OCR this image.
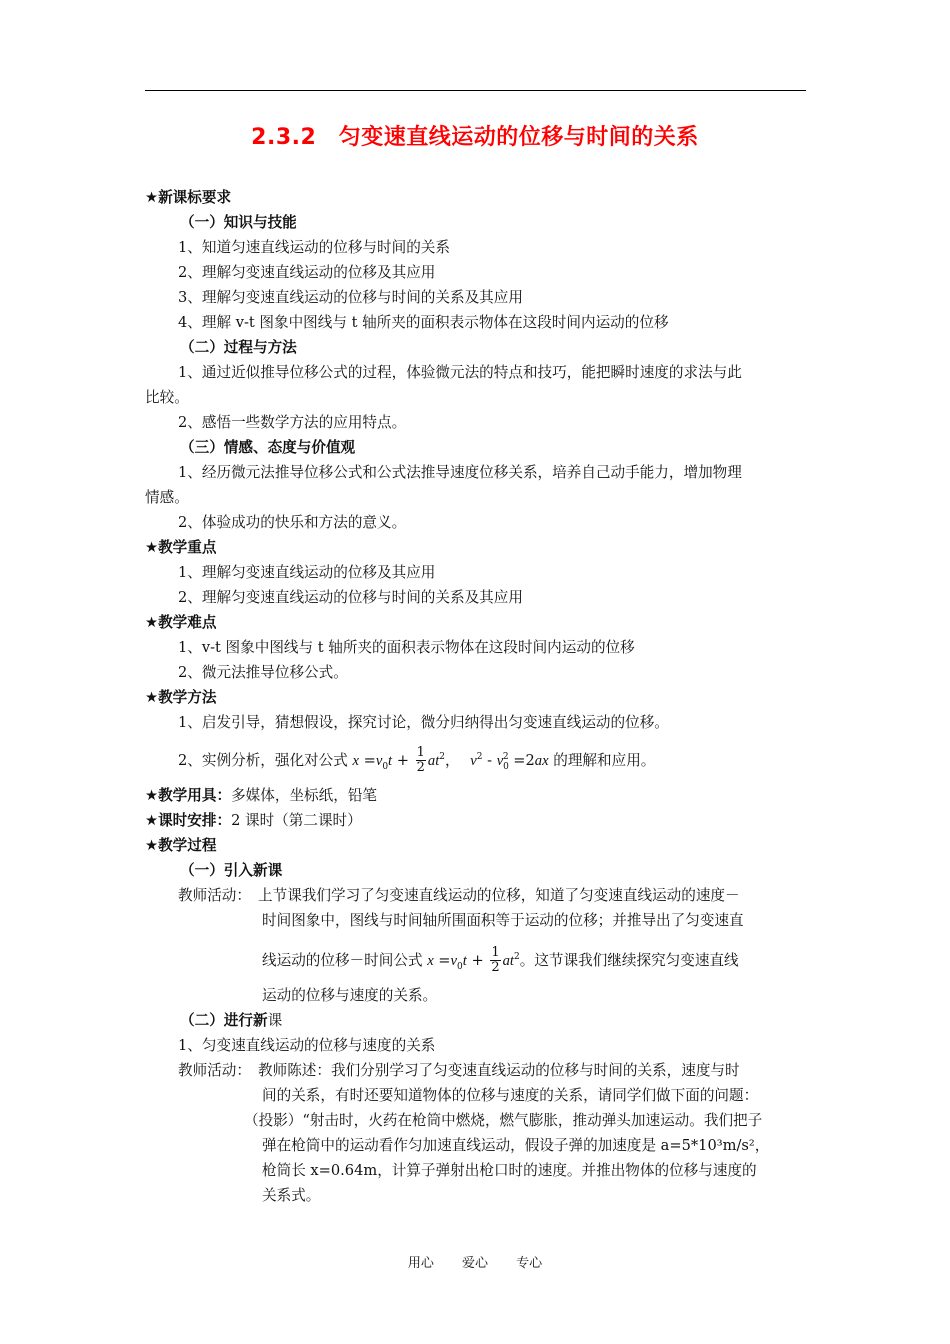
2.3.2　匀变速直线运动的位移与时间的关系
★新课标要求
（一）知识与技能
1、知道匀速直线运动的位移与时间的关系
2、理解匀变速直线运动的位移及其应用
3、理解匀变速直线运动的位移与时间的关系及其应用
4、理解 v-t 图象中图线与 t 轴所夹的面积表示物体在这段时间内运动的位移
（二）过程与方法
1、通过近似推导位移公式的过程，体验微元法的特点和技巧，能把瞬时速度的求法与此
比较。
2、感悟一些数学方法的应用特点。
（三）情感、态度与价值观
1、经历微元法推导位移公式和公式法推导速度位移关系，培养自己动手能力，增加物理
情感。
2、体验成功的快乐和方法的意义。
★教学重点
1、理解匀变速直线运动的位移及其应用
2、理解匀变速直线运动的位移与时间的关系及其应用
★教学难点
1、v-t 图象中图线与 t 轴所夹的面积表示物体在这段时间内运动的位移
2、微元法推导位移公式。
★教学方法
1、启发引导，猜想假设，探究讨论，微分归纳得出匀变速直线运动的位移。
2、实例分析，强化对公式 $x =v_0t + \frac{1}{2} at^2$， $v^2 - v_0^2 =2ax$ 的理解和应用。
★教学用具：多媒体，坐标纸，铅笔
★课时安排：2 课时（第二课时）
★教学过程
（一）引入新课
教师活动： 上节课我们学习了匀变速直线运动的位移，知道了匀变速直线运动的速度－
时间图象中，图线与时间轴所围面积等于运动的位移；并推导出了匀变速直
线运动的位移－时间公式 $x =v_0t + \frac{1}{2} at^2$。这节课我们继续探究匀变速直线
运动的位移与速度的关系。
（二）进行新课
1、匀变速直线运动的位移与速度的关系
教师活动： 教师陈述：我们分别学习了匀变速直线运动的位移与时间的关系，速度与时
间的关系，有时还要知道物体的位移与速度的关系，请同学们做下面的问题：
（投影）“射击时，火药在枪筒中燃烧，燃气膨胀，推动弹头加速运动。我们把子
弹在枪筒中的运动看作匀加速直线运动，假设子弹的加速度是 a=5*10³m/s²，
枪筒长 x=0.64m，计算子弹射出枪口时的速度。并推出物体的位移与速度的
关系式。
用心 爱心 专心
